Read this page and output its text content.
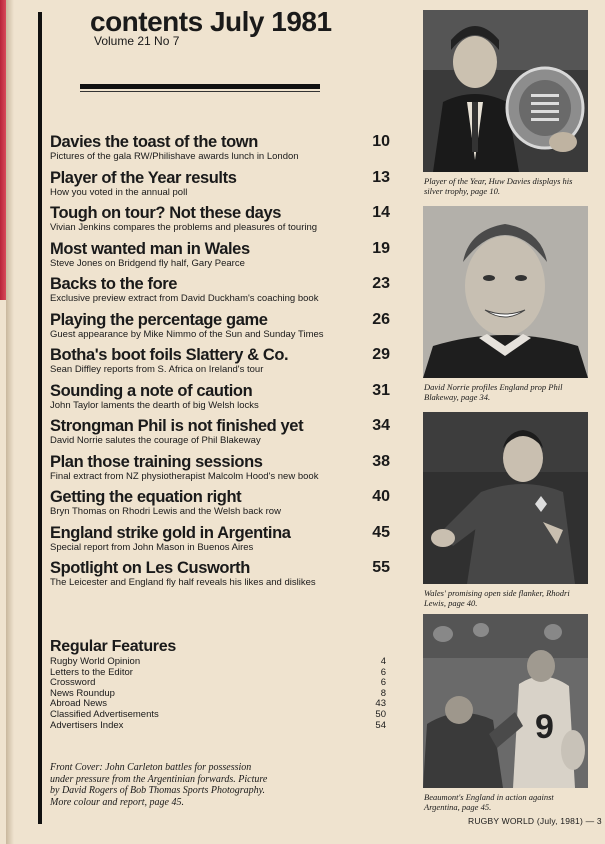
contents July 1981
Volume 21 No 7
Davies the toast of the town
Pictures of the gala RW/Philishave awards lunch in London
10
Player of the Year results
How you voted in the annual poll
13
Tough on tour? Not these days
Vivian Jenkins compares the problems and pleasures of touring
14
Most wanted man in Wales
Steve Jones on Bridgend fly half, Gary Pearce
19
Backs to the fore
Exclusive preview extract from David Duckham's coaching book
23
Playing the percentage game
Guest appearance by Mike Nimmo of the Sun and Sunday Times
26
Botha's boot foils Slattery & Co.
Sean Diffley reports from S. Africa on Ireland's tour
29
Sounding a note of caution
John Taylor laments the dearth of big Welsh locks
31
Strongman Phil is not finished yet
David Norrie salutes the courage of Phil Blakeway
34
Plan those training sessions
Final extract from NZ physiotherapist Malcolm Hood's new book
38
Getting the equation right
Bryn Thomas on Rhodri Lewis and the Welsh back row
40
England strike gold in Argentina
Special report from John Mason in Buenos Aires
45
Spotlight on Les Cusworth
The Leicester and England fly half reveals his likes and dislikes
55
Regular Features
Rugby World Opinion	4
Letters to the Editor	6
Crossword	6
News Roundup	8
Abroad News	43
Classified Advertisements	50
Advertisers Index	54
Front Cover: John Carleton battles for possession under pressure from the Argentinian forwards. Picture by David Rogers of Bob Thomas Sports Photography. More colour and report, page 45.
Player of the Year, Huw Davies displays his silver trophy, page 10.
David Norrie profiles England prop Phil Blakeway, page 34.
Wales' promising open side flanker, Rhodri Lewis, page 40.
9
Beaumont's England in action against Argentina, page 45.
RUGBY WORLD (July, 1981) — 3
